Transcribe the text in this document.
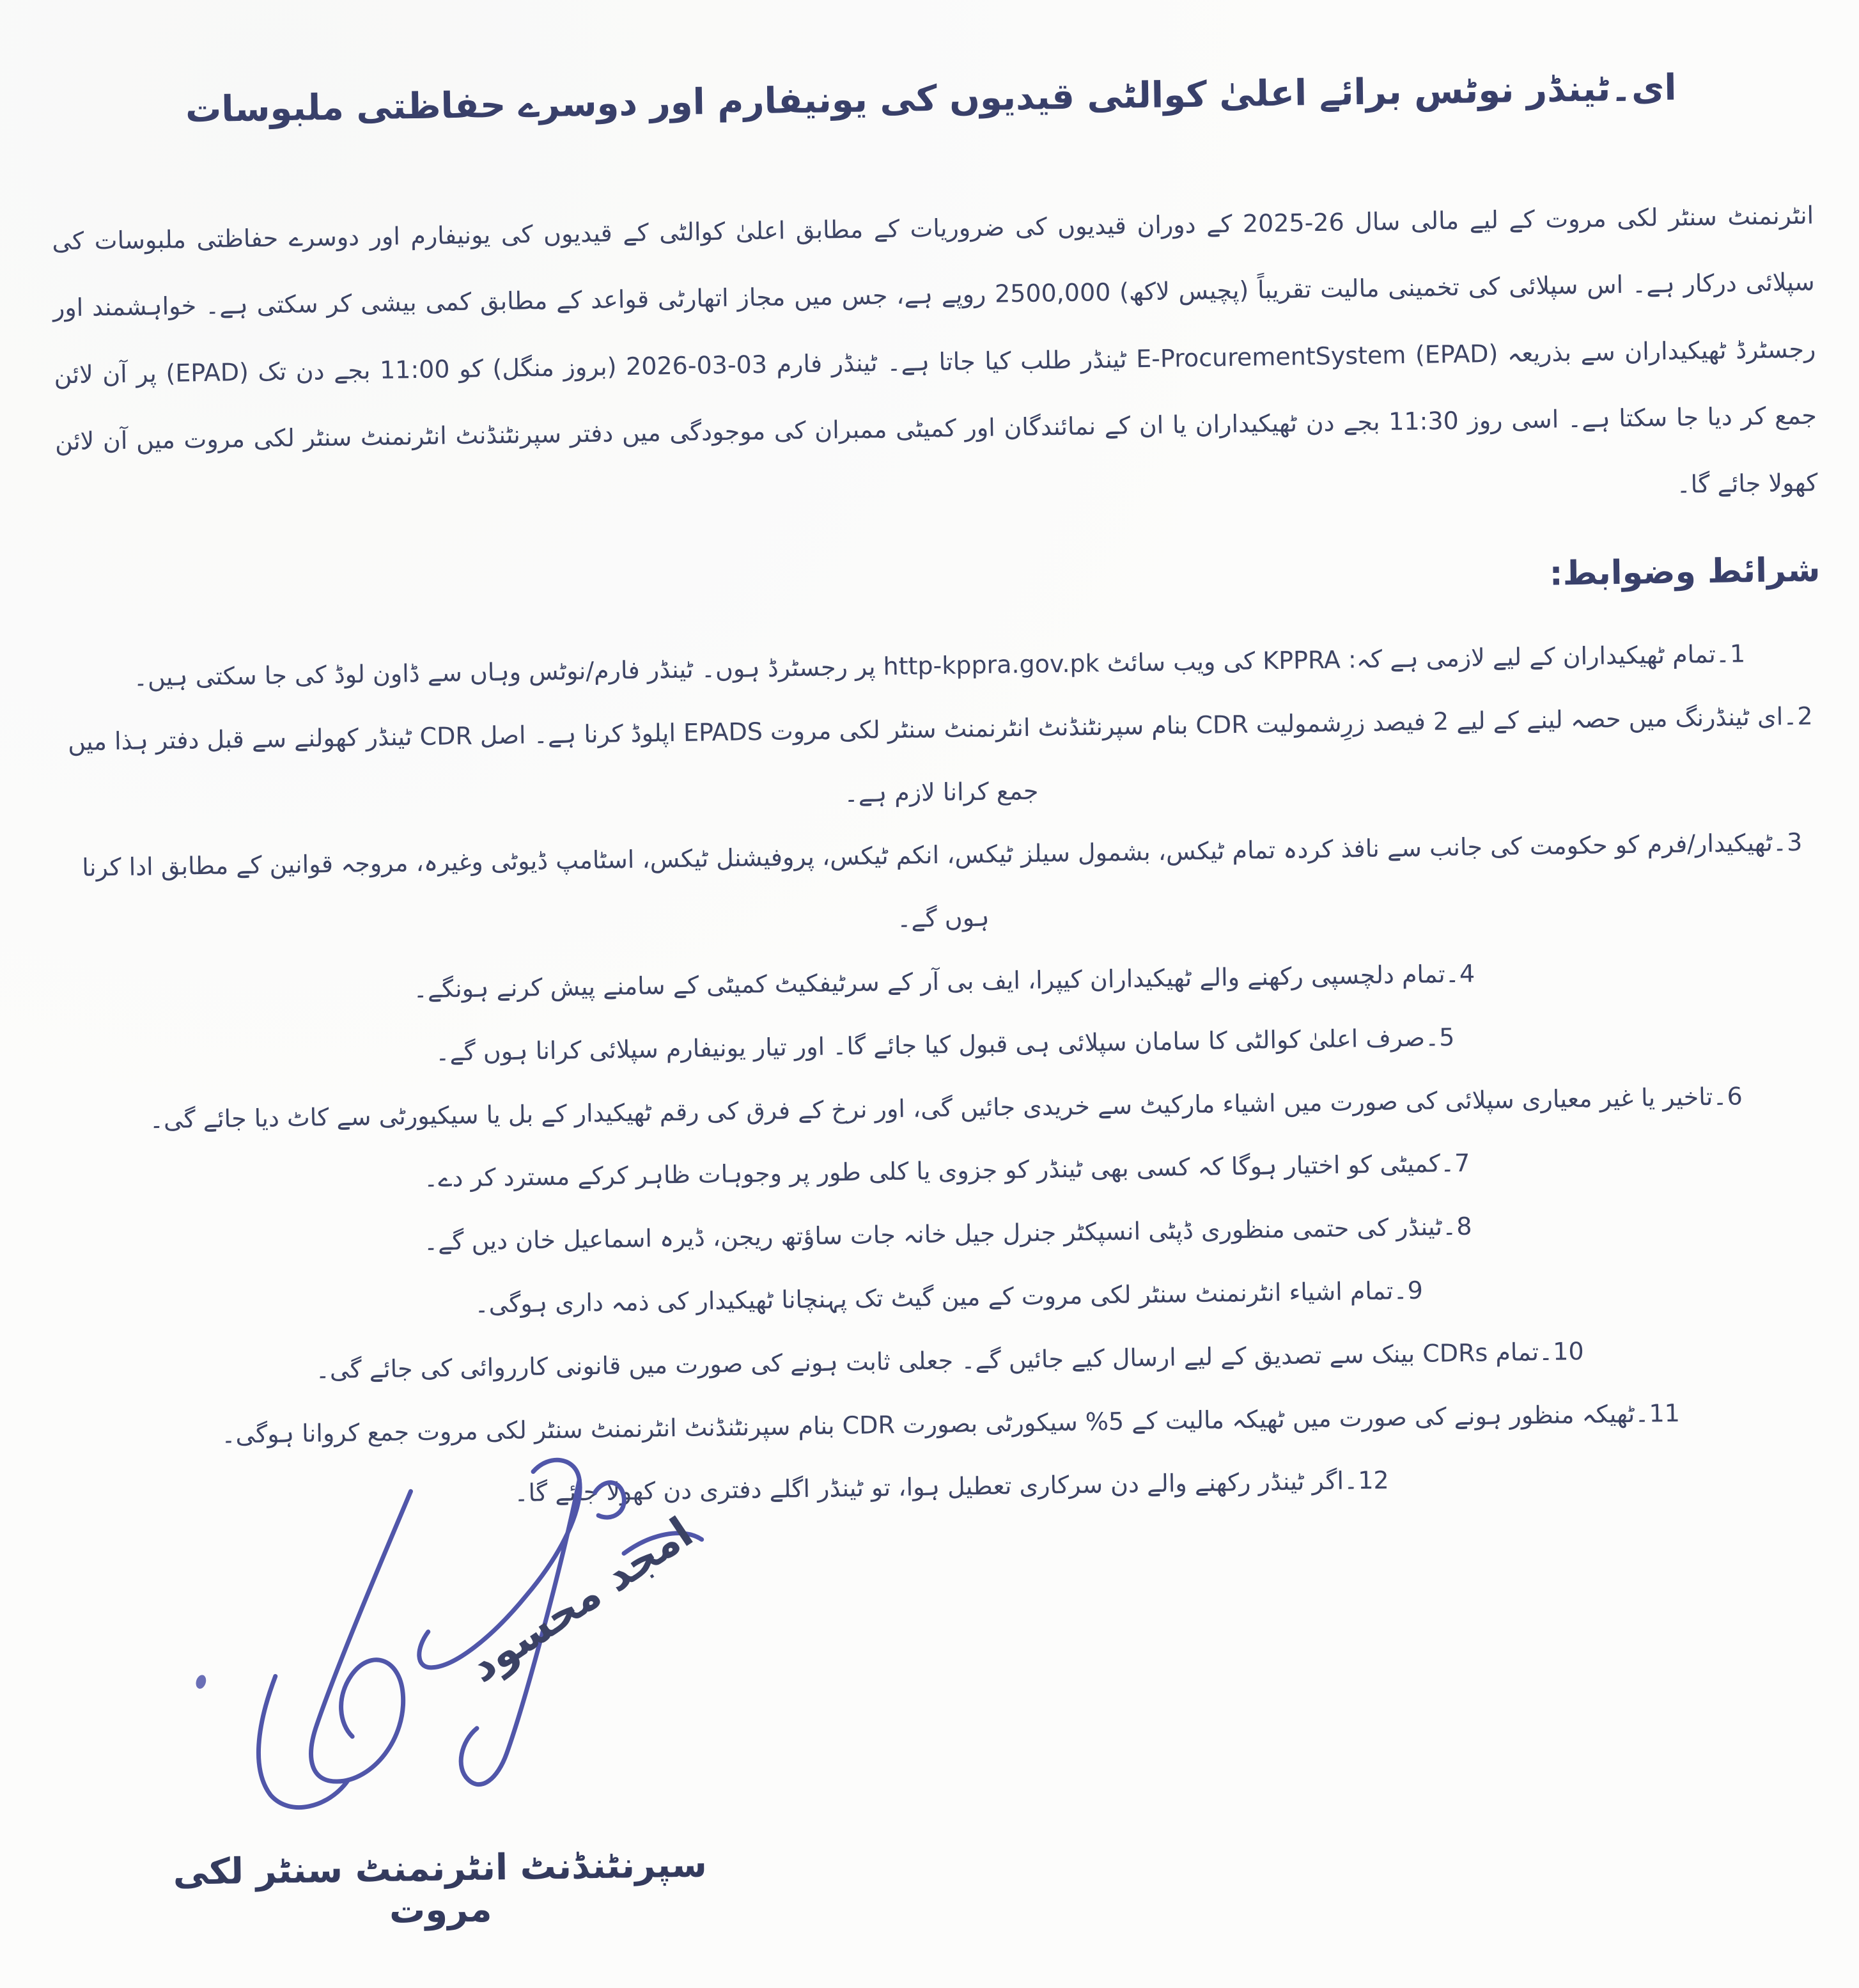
ای۔ٹینڈر نوٹس برائے اعلیٰ کوالٹی قیدیوں کی یونیفارم اور دوسرے حفاظتی ملبوسات
انٹرنمنٹ سنٹر لکی مروت کے لیے مالی سال 26-2025 کے دوران قیدیوں کی ضروریات کے مطابق اعلیٰ کوالٹی کے قیدیوں کی یونیفارم اور دوسرے حفاظتی ملبوسات کی سپلائی درکار ہے۔ اس سپلائی کی تخمینی مالیت تقریباً (پچیس لاکھ) 2500,000 روپے ہے، جس میں مجاز اتھارٹی قواعد کے مطابق کمی بیشی کر سکتی ہے۔ خواہشمند اور رجسٹرڈ ٹھیکیداران سے بذریعہ E-ProcurementSystem (EPAD) ٹینڈر طلب کیا جاتا ہے۔ ٹینڈر فارم 03-03-2026 (بروز منگل) کو 11:00 بجے دن تک (EPAD) پر آن لائن جمع کر دیا جا سکتا ہے۔ اسی روز 11:30 بجے دن ٹھیکیداران یا ان کے نمائندگان اور کمیٹی ممبران کی موجودگی میں دفتر سپرنٹنڈنٹ انٹرنمنٹ سنٹر لکی مروت میں آن لائن کھولا جائے گا۔
شرائط وضوابط:
1۔تمام ٹھیکیداران کے لیے لازمی ہے کہ: KPPRA کی ویب سائٹ http-kppra.gov.pk پر رجسٹرڈ ہوں۔ ٹینڈر فارم/نوٹس وہاں سے ڈاون لوڈ کی جا سکتی ہیں۔
2۔ای ٹینڈرنگ میں حصہ لینے کے لیے 2 فیصد زرِشمولیت CDR بنام سپرنٹنڈنٹ انٹرنمنٹ سنٹر لکی مروت EPADS اپلوڈ کرنا ہے۔ اصل CDR ٹینڈر کھولنے سے قبل دفتر ہذا میں جمع کرانا لازم ہے۔
3۔ٹھیکیدار/فرم کو حکومت کی جانب سے نافذ کردہ تمام ٹیکس، بشمول سیلز ٹیکس، انکم ٹیکس، پروفیشنل ٹیکس، اسٹامپ ڈیوٹی وغیرہ، مروجہ قوانین کے مطابق ادا کرنا ہوں گے۔
4۔تمام دلچسپی رکھنے والے ٹھیکیداران کیپرا، ایف بی آر کے سرٹیفکیٹ کمیٹی کے سامنے پیش کرنے ہونگے۔
5۔صرف اعلیٰ کوالٹی کا سامان سپلائی ہی قبول کیا جائے گا۔ اور تیار یونیفارم سپلائی کرانا ہوں گے۔
6۔تاخیر یا غیر معیاری سپلائی کی صورت میں اشیاء مارکیٹ سے خریدی جائیں گی، اور نرخ کے فرق کی رقم ٹھیکیدار کے بل یا سیکیورٹی سے کاٹ دیا جائے گی۔
7۔کمیٹی کو اختیار ہوگا کہ کسی بھی ٹینڈر کو جزوی یا کلی طور پر وجوہات ظاہر کرکے مسترد کر دے۔
8۔ٹینڈر کی حتمی منظوری ڈپٹی انسپکٹر جنرل جیل خانہ جات ساؤتھ ریجن، ڈیرہ اسماعیل خان دیں گے۔
9۔تمام اشیاء انٹرنمنٹ سنٹر لکی مروت کے مین گیٹ تک پہنچانا ٹھیکیدار کی ذمہ داری ہوگی۔
10۔تمام CDRs بینک سے تصدیق کے لیے ارسال کیے جائیں گے۔ جعلی ثابت ہونے کی صورت میں قانونی کارروائی کی جائے گی۔
11۔ٹھیکہ منظور ہونے کی صورت میں ٹھیکہ مالیت کے 5% سیکورٹی بصورت CDR بنام سپرنٹنڈنٹ انٹرنمنٹ سنٹر لکی مروت جمع کروانا ہوگی۔
12۔اگر ٹینڈر رکھنے والے دن سرکاری تعطیل ہوا، تو ٹینڈر اگلے دفتری دن کھولا جائے گا۔
امجد محسود
سپرنٹنڈنٹ انٹرنمنٹ سنٹر لکی مروت
